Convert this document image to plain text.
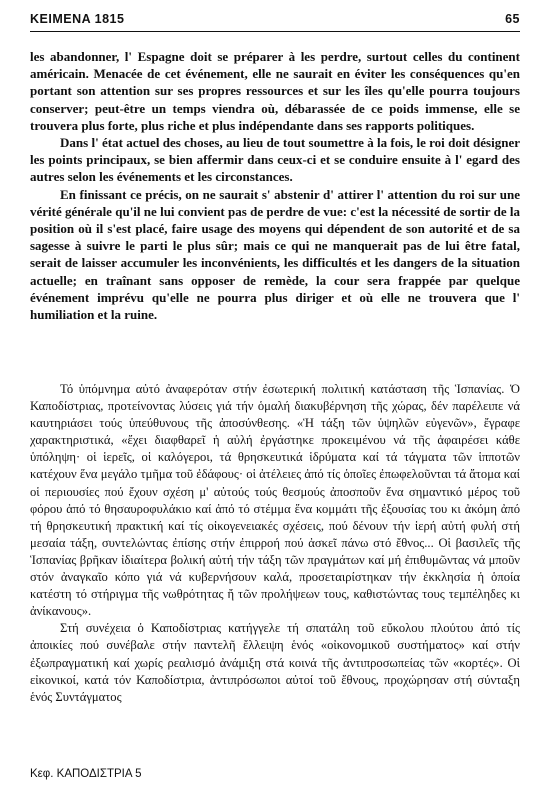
KEIMENA 1815	65

les abandonner, l' Espagne doit se préparer à les perdre, surtout celles du continent américain. Menacée de cet événement, elle ne saurait en éviter les conséquences qu'en portant son attention sur ses propres ressources et sur les îles qu'elle pourra toujours conserver; peut-être un temps viendra où, débarassée de ce poids immense, elle se trouvera plus forte, plus riche et plus indépendante dans ses rapports politiques.

Dans l' état actuel des choses, au lieu de tout soumettre à la fois, le roi doit désigner les points principaux, se bien affermir dans ceux-ci et se conduire ensuite à l' egard des autres selon les événements et les circonstances.

En finissant ce précis, on ne saurait s' abstenir d' attirer l' attention du roi sur une vérité générale qu'il ne lui convient pas de perdre de vue: c'est la nécessité de sortir de la position où il s'est placé, faire usage des moyens qui dépendent de son autorité et de sa sagesse à suivre le parti le plus sûr; mais ce qui ne manquerait pas de lui être fatal, serait de laisser accumuler les inconvénients, les difficultés et les dangers de la situation actuelle; en traînant sans opposer de remède, la cour sera frappée par quelque événement imprévu qu'elle ne pourra plus diriger et où elle ne trouvera que l' humiliation et la ruine.

Τό ὑπόμνημα αὐτό ἀναφερόταν στήν ἐσωτερική πολιτική κατάσταση τῆς Ἱσπανίας. Ὁ Καποδίστριας, προτείνοντας λύσεις γιά τήν ὁμαλή διακυβέρνηση τῆς χώρας, δέν παρέλειπε νά καυτηριάσει τούς ὑπεύθυνους τῆς ἀποσύνθεσης. «Ἡ τάξη τῶν ὑψηλῶν εὐγενῶν», ἔγραφε χαρακτηριστικά, «ἔχει διαφθαρεῖ ἡ αὐλή ἐργάστηκε προκειμένου νά τῆς ἀφαιρέσει κάθε ὑπόληψη· οἱ ἱερεῖς, οἱ καλόγεροι, τά θρησκευτικά ἱδρύματα καί τά τάγματα τῶν ἱπποτῶν κατέχουν ἕνα μεγάλο τμῆμα τοῦ ἐδάφους· οἱ ἀτέλειες ἀπό τίς ὁποῖες ἐπωφελοῦνται τά ἄτομα καί οἱ περιουσίες πού ἔχουν σχέση μ' αὐτούς τούς θεσμούς ἀποσποῦν ἕνα σημαντικό μέρος τοῦ φόρου ἀπό τό θησαυροφυλάκιο καί ἀπό τό στέμμα ἕνα κομμάτι τῆς ἐξουσίας του κι ἀκόμη ἀπό τή θρησκευτική πρακτική καί τίς οἰκογενειακές σχέσεις, πού δένουν τήν ἱερή αὐτή φυλή στή μεσαία τάξη, συντελώντας ἐπίσης στήν ἐπιρροή πού ἀσκεῖ πάνω στό ἔθνος... Οἱ βασιλεῖς τῆς Ἱσπανίας βρῆκαν ἰδιαίτερα βολική αὐτή τήν τάξη τῶν πραγμάτων καί μή ἐπιθυμῶντας νά μποῦν στόν ἀναγκαῖο κόπο γιά νά κυβερνήσουν καλά, προσεταιρίστηκαν τήν ἐκκλησία ἡ ὁποία κατέστη τό στήριγμα τῆς νωθρότητας ἤ τῶν προλήψεων τους, καθιστώντας τους τεμπέληδες κι ἀνίκανους».

Στή συνέχεια ὁ Καποδίστριας κατήγγελε τή σπατάλη τοῦ εὔκολου πλούτου ἀπό τίς ἀποικίες πού συνέβαλε στήν παντελῆ ἔλλειψη ἑνός «οἰκονομικοῦ συστήματος» καί στήν ἐξωπραγματική καί χωρίς ρεαλισμό ἀνάμιξη στά κοινά τῆς ἀντιπροσωπείας τῶν «κορτές». Οἱ εἰκονικοί, κατά τόν Καποδίστρια, ἀντιπρόσωποι αὐτοί τοῦ ἔθνους, προχώρησαν στή σύνταξη ἑνός Συντάγματος

Κεφ. ΚΑΠΟΔΙΣΤΡΙΑ 5
